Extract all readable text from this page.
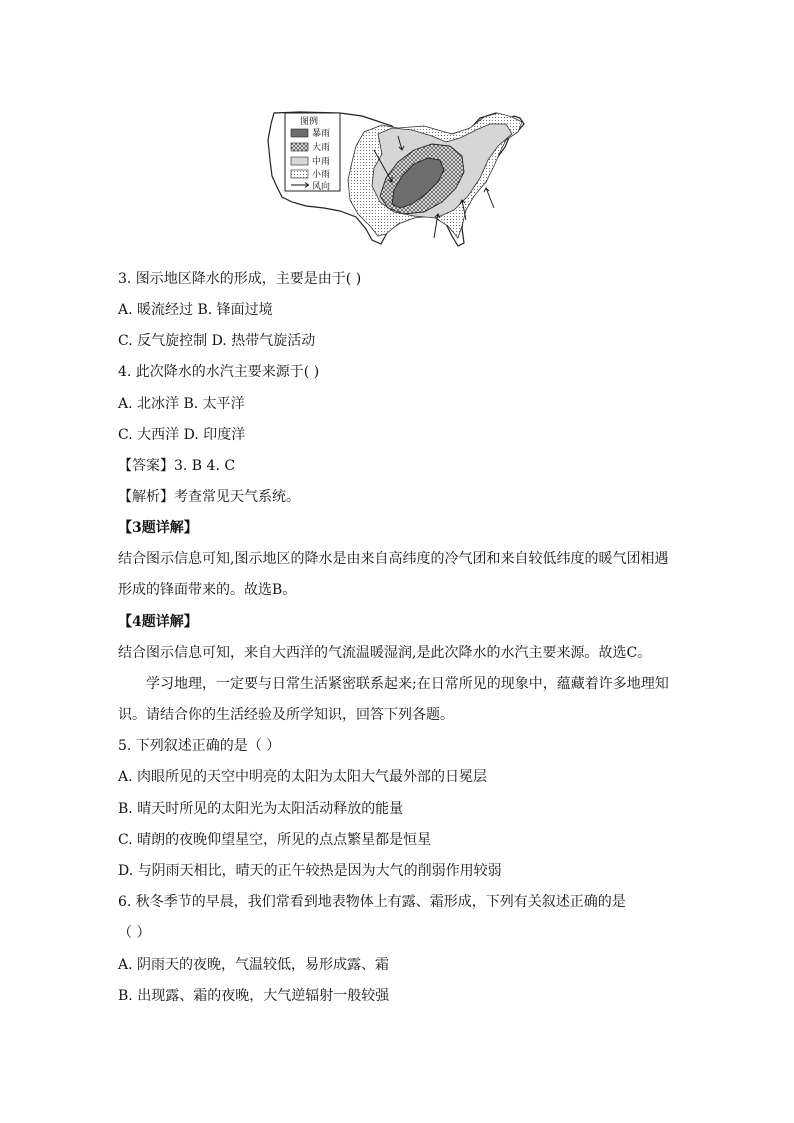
图例
暴雨
大雨
中雨
小雨
风向
3. 图示地区降水的形成，主要是由于( )
A. 暖流经过 B. 锋面过境
C. 反气旋控制 D. 热带气旋活动
4. 此次降水的水汽主要来源于( )
A. 北冰洋 B. 太平洋
C. 大西洋 D. 印度洋
【答案】3. B 4. C
【解析】考查常见天气系统。
【3题详解】
结合图示信息可知,图示地区的降水是由来自高纬度的冷气团和来自较低纬度的暖气团相遇
形成的锋面带来的。故选B。
【4题详解】
结合图示信息可知，来自大西洋的气流温暖湿润,是此次降水的水汽主要来源。故选C。
学习地理，一定要与日常生活紧密联系起来;在日常所见的现象中，蕴藏着许多地理知
识。请结合你的生活经验及所学知识，回答下列各题。
5. 下列叙述正确的是（ ）
A. 肉眼所见的天空中明亮的太阳为太阳大气最外部的日冕层
B. 晴天时所见的太阳光为太阳活动释放的能量
C. 晴朗的夜晚仰望星空，所见的点点繁星都是恒星
D. 与阴雨天相比，晴天的正午较热是因为大气的削弱作用较弱
6. 秋冬季节的早晨，我们常看到地表物体上有露、霜形成，下列有关叙述正确的是
（ ）
A. 阴雨天的夜晚，气温较低，易形成露、霜
B. 出现露、霜的夜晚，大气逆辐射一般较强
